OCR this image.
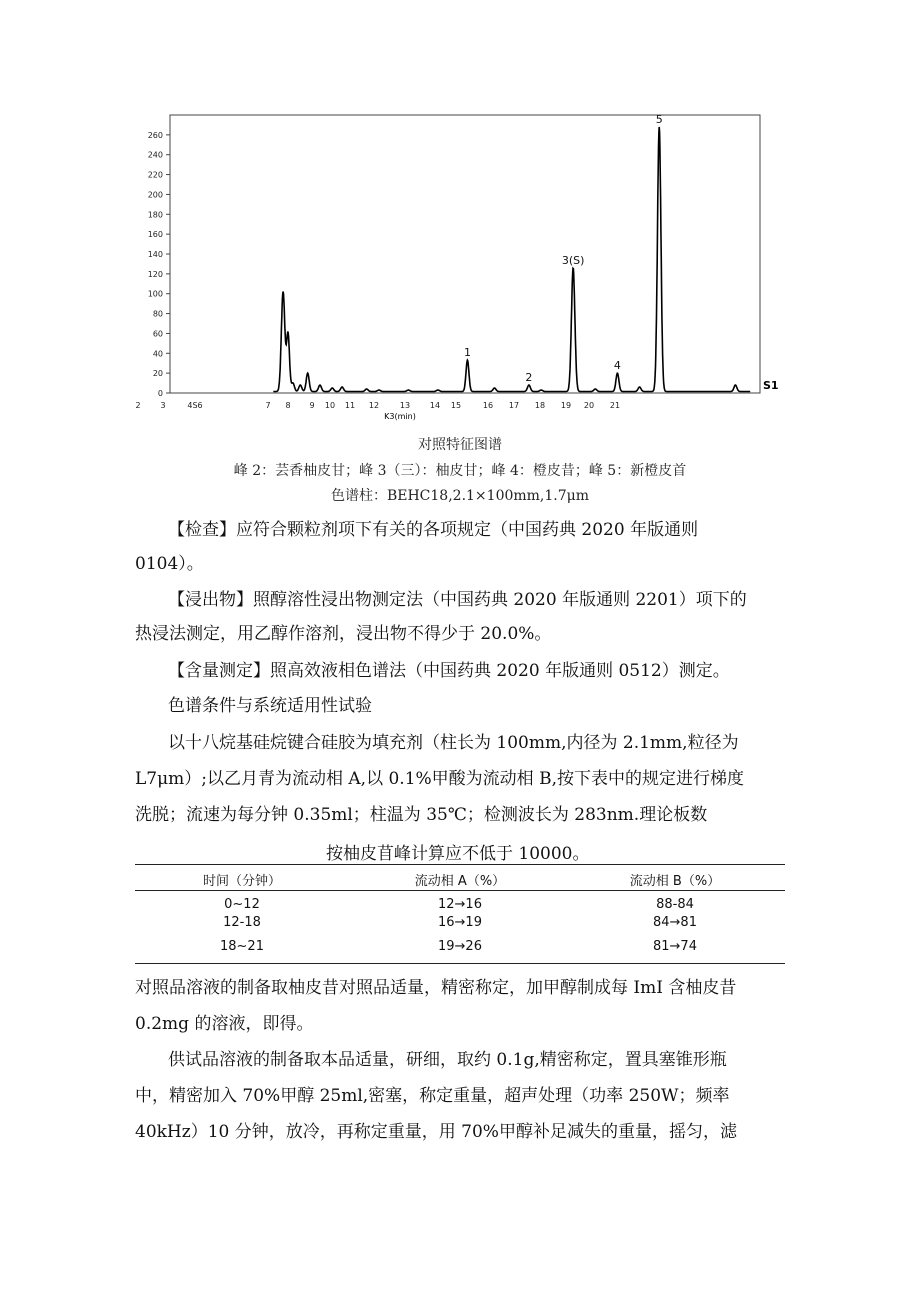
0
20
40
60
80
100
120
140
160
180
200
220
240
260
2 3	4S6	7 8 9 10 11 12	13 14 15	16 17 18 19 20 21
1
2
3(S)
4
5
S1
K3(min)
对照特征图谱
峰 2：芸香柚皮甘；峰 3（三）：柚皮甘；峰 4：橙皮昔；峰 5：新橙皮首
色谱柱：BEHC18,2.1×100mm,1.7μm
【检查】应符合颗粒剂项下有关的各项规定（中国药典 2020 年版通则
0104）。
【浸出物】照醇溶性浸出物测定法（中国药典 2020 年版通则 2201）项下的
热浸法测定，用乙醇作溶剂，浸出物不得少于 20.0%。
【含量测定】照高效液相色谱法（中国药典 2020 年版通则 0512）测定。
色谱条件与系统适用性试验
以十八烷基硅烷键合硅胶为填充剂（柱长为 100mm,内径为 2.1mm,粒径为
L7μm）;以乙月青为流动相 A,以 0.1%甲酸为流动相 B,按下表中的规定进行梯度
洗脱；流速为每分钟 0.35ml；柱温为 35℃；检测波长为 283nm.理论板数
按柚皮苜峰计算应不低于 10000。
时间（分钟）	流动相 A（%）	流动相 B（%）
0~12	12→16	88-84
12-18	16→19	84→81
18~21	19→26	81→74
对照品溶液的制备取柚皮昔对照品适量，精密称定，加甲醇制成每 ImI 含柚皮昔
0.2mg 的溶液，即得。
供试品溶液的制备取本品适量，研细，取约 0.1g,精密称定，置具塞锥形瓶
中，精密加入 70%甲醇 25ml,密塞，称定重量，超声处理（功率 250W；频率
40kHz）10 分钟，放冷，再称定重量，用 70%甲醇补足减失的重量，摇匀，滤
